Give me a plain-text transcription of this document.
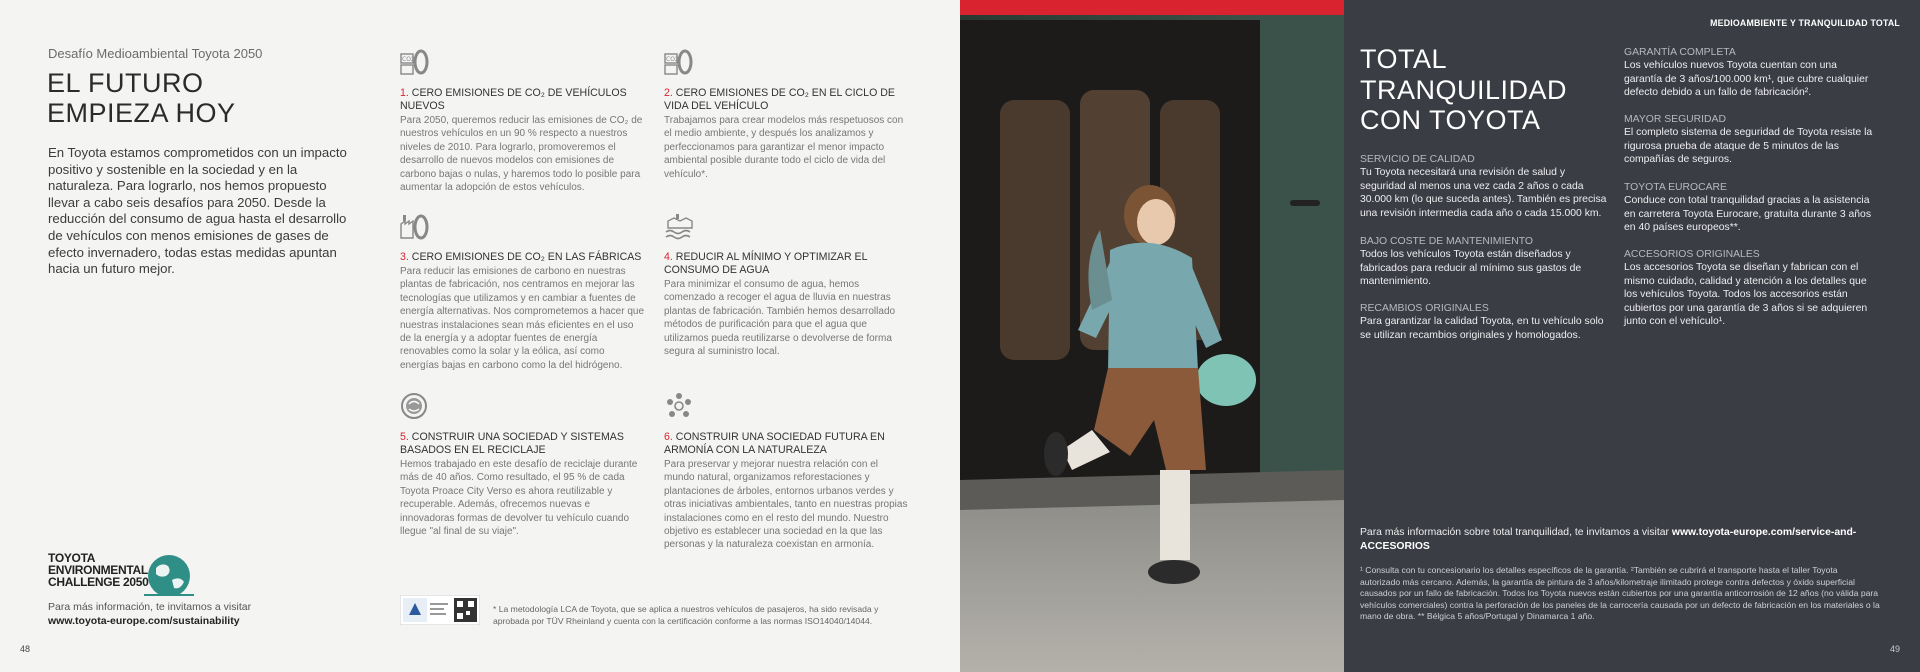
Desafío Medioambiental Toyota 2050
EL FUTURO
EMPIEZA HOY

En Toyota estamos comprometidos con un impacto positivo y sostenible en la sociedad y en la naturaleza. Para lograrlo, nos hemos propuesto llevar a cabo seis desafíos para 2050. Desde la reducción del consumo de agua hasta el desarrollo de vehículos con menos emisiones de gases de efecto invernadero, todas estas medidas apuntan hacia un futuro mejor.

CO2
1. CERO EMISIONES DE CO₂ DE VEHÍCULOS NUEVOS

Para 2050, queremos reducir las emisiones de CO₂ de nuestros vehículos en un 90 % respecto a nuestros niveles de 2010. Para lograrlo, promoveremos el desarrollo de nuevos modelos con emisiones de carbono bajas o nulas, y haremos todo lo posible para aumentar la adopción de estos vehículos.

CO2
2. CERO EMISIONES DE CO₂ EN EL CICLO DE VIDA DEL VEHÍCULO

Trabajamos para crear modelos más respetuosos con el medio ambiente, y después los analizamos y perfeccionamos para garantizar el menor impacto ambiental posible durante todo el ciclo de vida del vehículo*.

3. CERO EMISIONES DE CO₂ EN LAS FÁBRICAS

Para reducir las emisiones de carbono en nuestras plantas de fabricación, nos centramos en mejorar las tecnologías que utilizamos y en cambiar a fuentes de energía alternativas. Nos comprometemos a hacer que nuestras instalaciones sean más eficientes en el uso de la energía y a adoptar fuentes de energía renovables como la solar y la eólica, así como energías bajas en carbono como la del hidrógeno.

4. REDUCIR AL MÍNIMO Y OPTIMIZAR EL CONSUMO DE AGUA

Para minimizar el consumo de agua, hemos comenzado a recoger el agua de lluvia en nuestras plantas de fabricación. También hemos desarrollado métodos de purificación para que el agua que utilizamos pueda reutilizarse o devolverse de forma segura al suministro local.

5. CONSTRUIR UNA SOCIEDAD Y SISTEMAS BASADOS EN EL RECICLAJE

Hemos trabajado en este desafío de reciclaje durante más de 40 años. Como resultado, el 95 % de cada Toyota Proace City Verso es ahora reutilizable y recuperable. Además, ofrecemos nuevas e innovadoras formas de devolver tu vehículo cuando llegue "al final de su viaje".

6. CONSTRUIR UNA SOCIEDAD FUTURA EN ARMONÍA CON LA NATURALEZA

Para preservar y mejorar nuestra relación con el mundo natural, organizamos reforestaciones y plantaciones de árboles, entornos urbanos verdes y otras iniciativas ambientales, tanto en nuestras propias instalaciones como en el resto del mundo. Nuestro objetivo es establecer una sociedad en la que las personas y la naturaleza coexistan en armonía.

TOYOTA
ENVIRONMENTAL
CHALLENGE 2050
Para más información, te invitamos a visitar
www.toyota-europe.com/sustainability
* La metodología LCA de Toyota, que se aplica a nuestros vehículos de pasajeros, ha sido revisada y aprobada por TÜV Rheinland y cuenta con la certificación conforme a las normas ISO14040/14044.
48
MEDIOAMBIENTE Y TRANQUILIDAD TOTAL
TOTAL
TRANQUILIDAD
CON TOYOTA
SERVICIO DE CALIDAD

Tu Toyota necesitará una revisión de salud y seguridad al menos una vez cada 2 años o cada 30.000 km (lo que suceda antes). También es precisa una revisión intermedia cada año o cada 15.000 km.

BAJO COSTE DE MANTENIMIENTO

Todos los vehículos Toyota están diseñados y fabricados para reducir al mínimo sus gastos de mantenimiento.

RECAMBIOS ORIGINALES

Para garantizar la calidad Toyota, en tu vehículo solo se utilizan recambios originales y homologados.

GARANTÍA COMPLETA

Los vehículos nuevos Toyota cuentan con una garantía de 3 años/100.000 km¹, que cubre cualquier defecto debido a un fallo de fabricación².

MAYOR SEGURIDAD

El completo sistema de seguridad de Toyota resiste la rigurosa prueba de ataque de 5 minutos de las compañías de seguros.

TOYOTA EUROCARE

Conduce con total tranquilidad gracias a la asistencia en carretera Toyota Eurocare, gratuita durante 3 años en 40 países europeos**.

ACCESORIOS ORIGINALES

Los accesorios Toyota se diseñan y fabrican con el mismo cuidado, calidad y atención a los detalles que los vehículos Toyota. Todos los accesorios están cubiertos por una garantía de 3 años si se adquieren junto con el vehículo¹.

Para más información sobre total tranquilidad, te invitamos a visitar www.toyota-europe.com/service-and-ACCESORIOS
¹ Consulta con tu concesionario los detalles específicos de la garantía. ²También se cubrirá el transporte hasta el taller Toyota autorizado más cercano. Además, la garantía de pintura de 3 años/kilometraje ilimitado protege contra defectos y óxido superficial causados por un fallo de fabricación. Todos los Toyota nuevos están cubiertos por una garantía anticorrosión de 12 años (no válida para vehículos comerciales) contra la perforación de los paneles de la carrocería causada por un defecto de fabricación en los materiales o la mano de obra. ** Bélgica 5 años/Portugal y Dinamarca 1 año.
49
